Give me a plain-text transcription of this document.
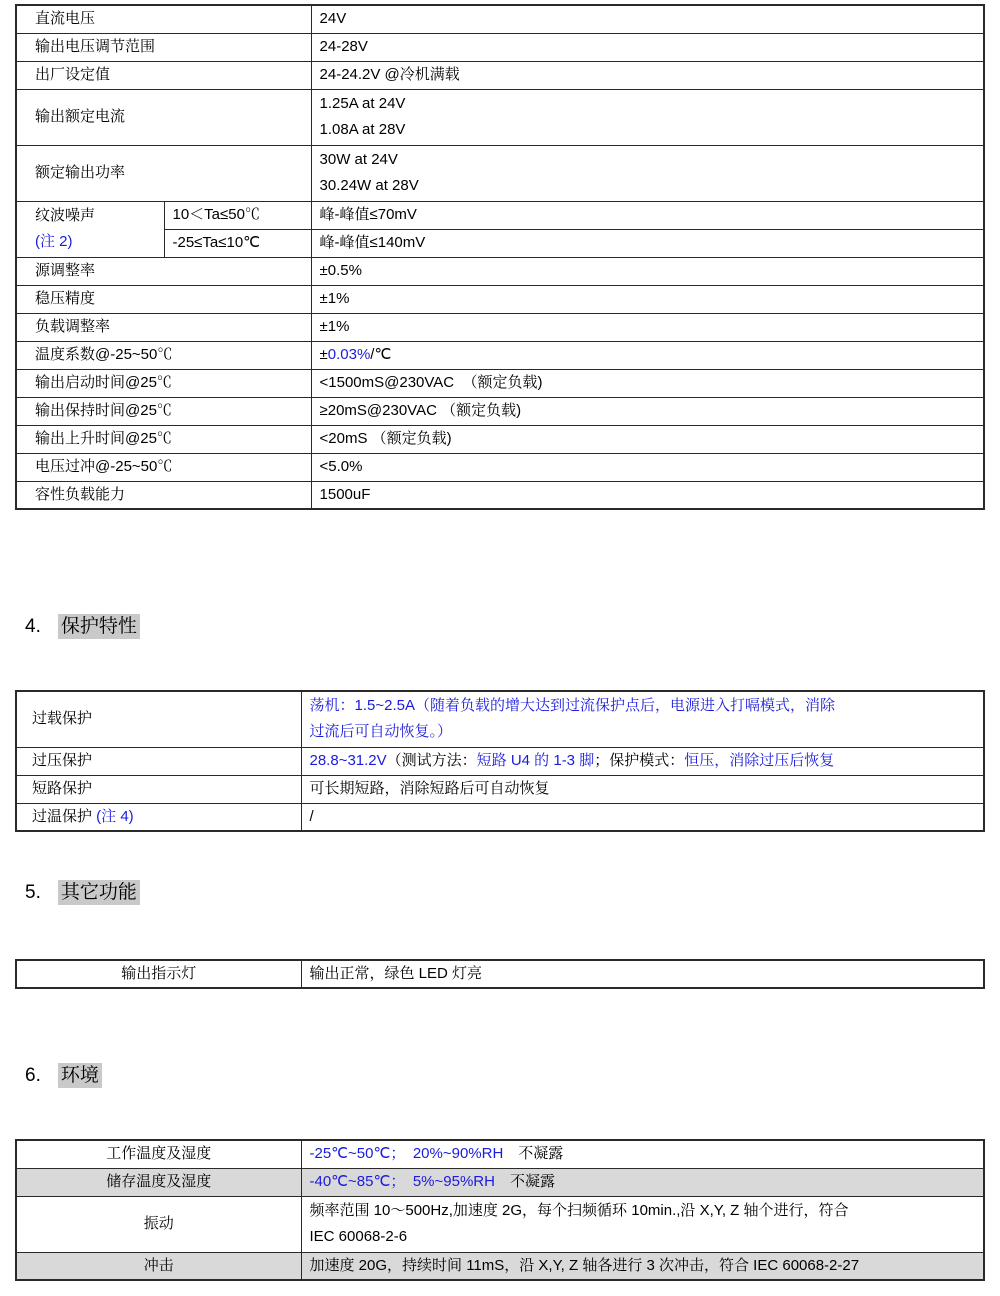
直流电压		24V
输出电压调节范围		24-28V
出厂设定值		24-24.2V @冷机满载
输出额定电流		1.25A at 24V
1.08A at 28V

额定输出功率		30W at 24V
30.24W at 28V

纹波噪声
(注 2)	10＜Ta≤50℃	峰-峰值≤70mV
	-25≤Ta≤10℃	峰-峰值≤140mV
源调整率		±0.5%
稳压精度		±1%
负载调整率		±1%
温度系数@-25~50℃		±0.03%/℃
输出启动时间@25℃		<1500mS@230VAC  （额定负载)
输出保持时间@25℃		≥20mS@230VAC （额定负载)
输出上升时间@25℃		<20mS （额定负载)
电压过冲@-25~50℃		<5.0%
容性负载能力		1500uF
4. 保护特性
过载保护	荡机：1.5~2.5A（随着负载的增大达到过流保护点后，电源进入打嗝模式，消除
过流后可自动恢复。）

过压保护	28.8~31.2V（测试方法：短路 U4 的 1-3 脚；保护模式：恒压，消除过压后恢复
短路保护	可长期短路，消除短路后可自动恢复
过温保护 (注 4)	/
5. 其它功能
输出指示灯	输出正常，绿色 LED 灯亮
6. 环境
工作温度及湿度	-25℃~50℃；　20%~90%RH　不凝露
储存温度及湿度	-40℃~85℃；　5%~95%RH　不凝露
振动	频率范围 10～500Hz,加速度 2G，每个扫频循环 10min.,沿 X,Y, Z 轴个进行，符合
IEC 60068-2-6

冲击	加速度 20G，持续时间 11mS，沿 X,Y, Z 轴各进行 3 次冲击，符合 IEC 60068-2-27
